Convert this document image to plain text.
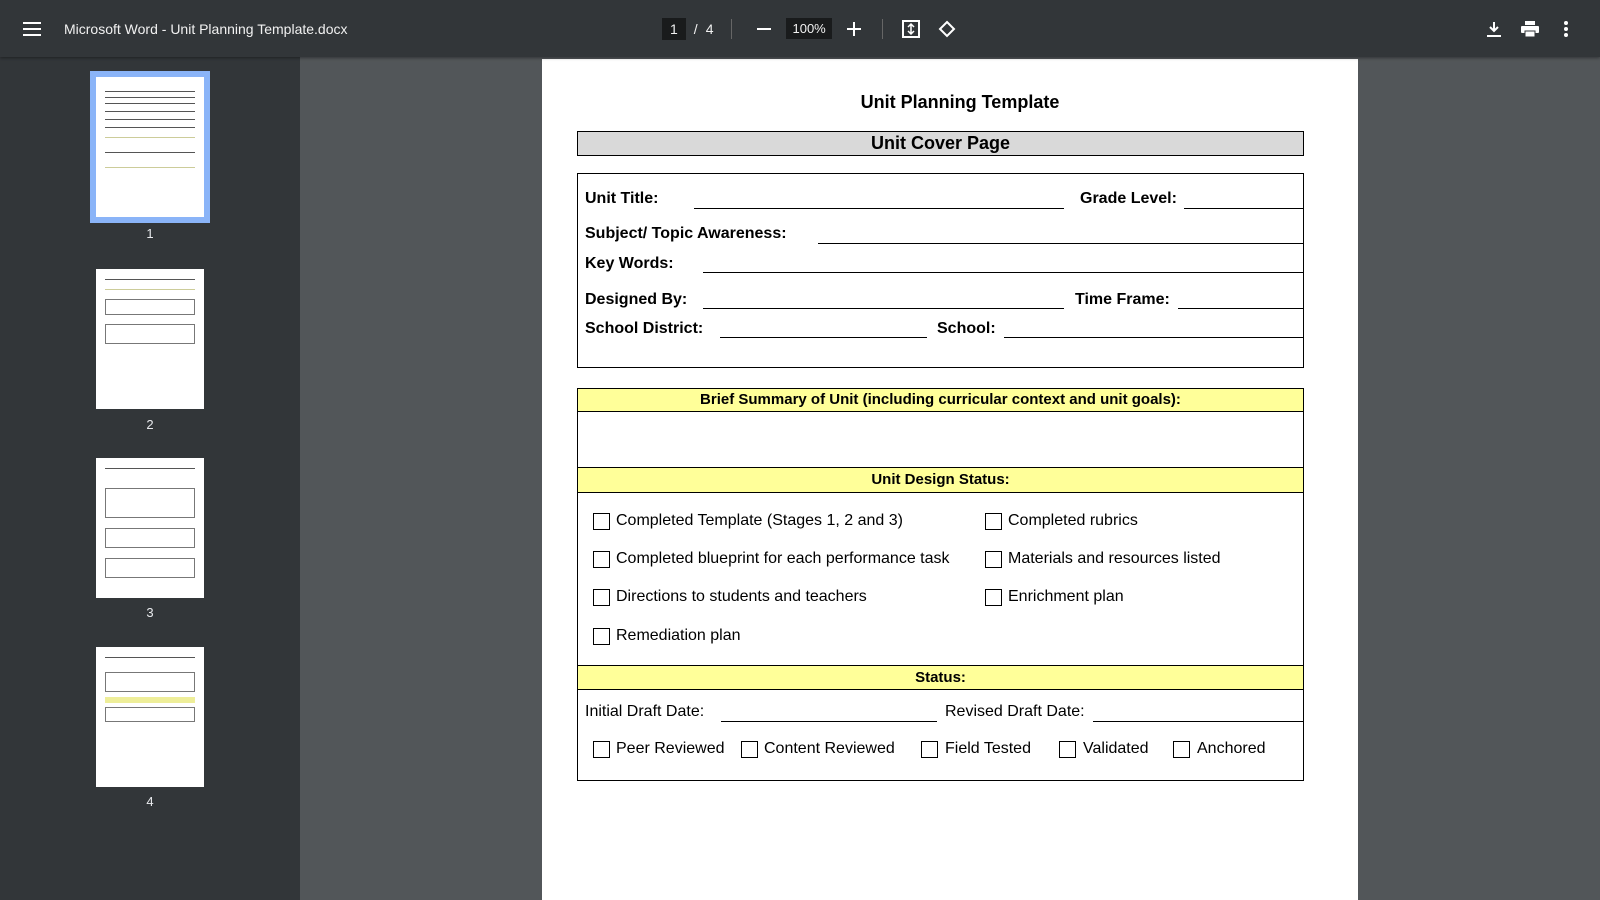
Microsoft Word - Unit Planning Template.docx	1	/ 4	100%
1
2
3
4
Unit Planning Template
Unit Cover Page
Unit Title:	Grade Level:
Subject/ Topic Awareness:
Key Words:
Designed By:	Time Frame:
School District:	School:
Brief Summary of Unit (including curricular context and unit goals):
Unit Design Status:
Completed Template (Stages 1, 2 and 3)	Completed rubrics
Completed blueprint for each performance task	Materials and resources listed
Directions to students and teachers	Enrichment plan
Remediation plan
Status:
Initial Draft Date:	Revised Draft Date:
Peer Reviewed Content Reviewed	Field Tested	Validated	Anchored
